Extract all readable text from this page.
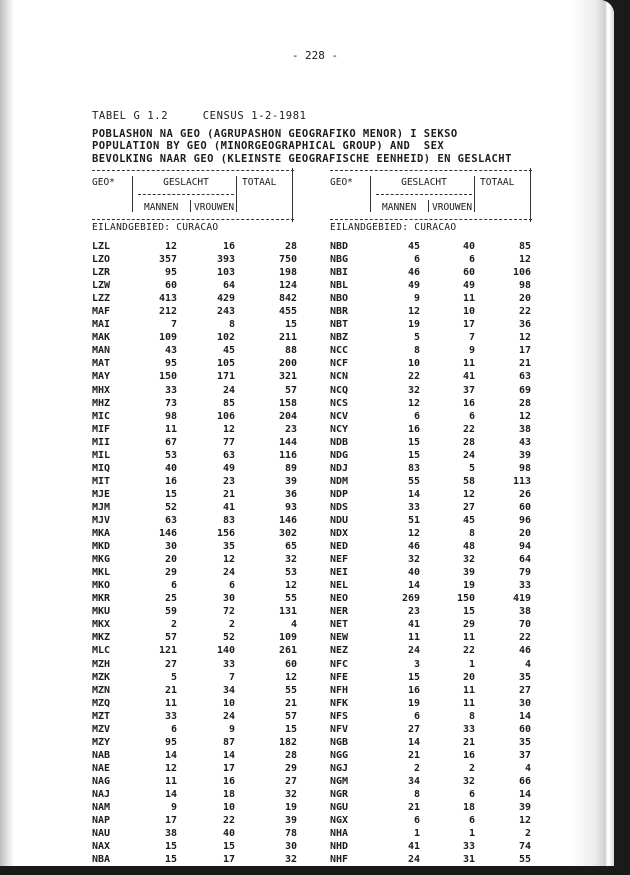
- 228 -
TABEL G 1.2     CENSUS 1-2-1981
POBLASHON NA GEO (AGRUPASHON GEOGRAFIKO MENOR) I SEKSO
POPULATION BY GEO (MINORGEOGRAPHICAL GROUP) AND  SEX
BEVOLKING NAAR GEO (KLEINSTE GEOGRAFISCHE EENHEID) EN GESLACHT
GEO*	GESLACHT	TOTAAL
MANNEN VROUWEN
EILANDGEBIED: CURACAO
GEO*	GESLACHT	TOTAAL
MANNEN VROUWEN
EILANDGEBIED: CURACAO
LZL	12	16	28
LZO	357	393	750
LZR	95	103	198
LZW	60	64	124
LZZ	413	429	842
MAF	212	243	455
MAI	7	8	15
MAK	109	102	211
MAN	43	45	88
MAT	95	105	200
MAY	150	171	321
MHX	33	24	57
MHZ	73	85	158
MIC	98	106	204
MIF	11	12	23
MII	67	77	144
MIL	53	63	116
MIQ	40	49	89
MIT	16	23	39
MJE	15	21	36
MJM	52	41	93
MJV	63	83	146
MKA	146	156	302
MKD	30	35	65
MKG	20	12	32
MKL	29	24	53
MKO	6	6	12
MKR	25	30	55
MKU	59	72	131
MKX	2	2	4
MKZ	57	52	109
MLC	121	140	261
MZH	27	33	60
MZK	5	7	12
MZN	21	34	55
MZQ	11	10	21
MZT	33	24	57
MZV	6	9	15
MZY	95	87	182
NAB	14	14	28
NAE	12	17	29
NAG	11	16	27
NAJ	14	18	32
NAM	9	10	19
NAP	17	22	39
NAU	38	40	78
NAX	15	15	30
NBA	15	17	32
NBD	45	40	85
NBG	6	6	12
NBI	46	60	106
NBL	49	49	98
NBO	9	11	20
NBR	12	10	22
NBT	19	17	36
NBZ	5	7	12
NCC	8	9	17
NCF	10	11	21
NCN	22	41	63
NCQ	32	37	69
NCS	12	16	28
NCV	6	6	12
NCY	16	22	38
NDB	15	28	43
NDG	15	24	39
NDJ	83	5	98
NDM	55	58	113
NDP	14	12	26
NDS	33	27	60
NDU	51	45	96
NDX	12	8	20
NED	46	48	94
NEF	32	32	64
NEI	40	39	79
NEL	14	19	33
NEO	269	150	419
NER	23	15	38
NET	41	29	70
NEW	11	11	22
NEZ	24	22	46
NFC	3	1	4
NFE	15	20	35
NFH	16	11	27
NFK	19	11	30
NFS	6	8	14
NFV	27	33	60
NGB	14	21	35
NGG	21	16	37
NGJ	2	2	4
NGM	34	32	66
NGR	8	6	14
NGU	21	18	39
NGX	6	6	12
NHA	1	1	2
NHD	41	33	74
NHF	24	31	55
